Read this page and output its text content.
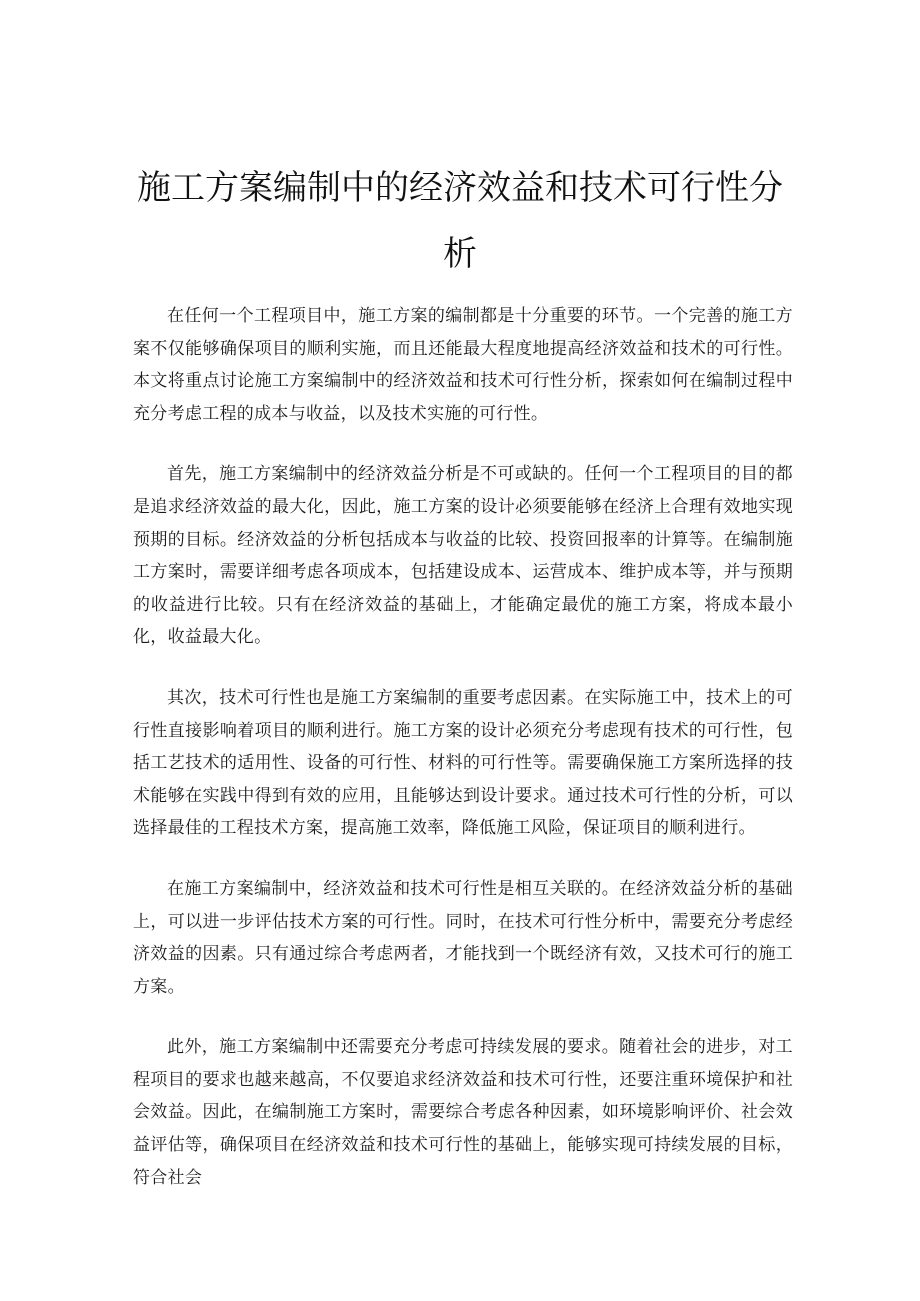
施工方案编制中的经济效益和技术可行性分
析

在任何一个工程项目中，施工方案的编制都是十分重要的环节。一个完善的施工方案不仅能够确保项目的顺利实施，而且还能最大程度地提高经济效益和技术的可行性。本文将重点讨论施工方案编制中的经济效益和技术可行性分析，探索如何在编制过程中充分考虑工程的成本与收益，以及技术实施的可行性。

首先，施工方案编制中的经济效益分析是不可或缺的。任何一个工程项目的目的都是追求经济效益的最大化，因此，施工方案的设计必须要能够在经济上合理有效地实现预期的目标。经济效益的分析包括成本与收益的比较、投资回报率的计算等。在编制施工方案时，需要详细考虑各项成本，包括建设成本、运营成本、维护成本等，并与预期的收益进行比较。只有在经济效益的基础上，才能确定最优的施工方案，将成本最小化，收益最大化。

其次，技术可行性也是施工方案编制的重要考虑因素。在实际施工中，技术上的可行性直接影响着项目的顺利进行。施工方案的设计必须充分考虑现有技术的可行性，包括工艺技术的适用性、设备的可行性、材料的可行性等。需要确保施工方案所选择的技术能够在实践中得到有效的应用，且能够达到设计要求。通过技术可行性的分析，可以选择最佳的工程技术方案，提高施工效率，降低施工风险，保证项目的顺利进行。

在施工方案编制中，经济效益和技术可行性是相互关联的。在经济效益分析的基础上，可以进一步评估技术方案的可行性。同时，在技术可行性分析中，需要充分考虑经济效益的因素。只有通过综合考虑两者，才能找到一个既经济有效，又技术可行的施工方案。

此外，施工方案编制中还需要充分考虑可持续发展的要求。随着社会的进步，对工程项目的要求也越来越高，不仅要追求经济效益和技术可行性，还要注重环境保护和社会效益。因此，在编制施工方案时，需要综合考虑各种因素，如环境影响评价、社会效益评估等，确保项目在经济效益和技术可行性的基础上，能够实现可持续发展的目标，符合社会
